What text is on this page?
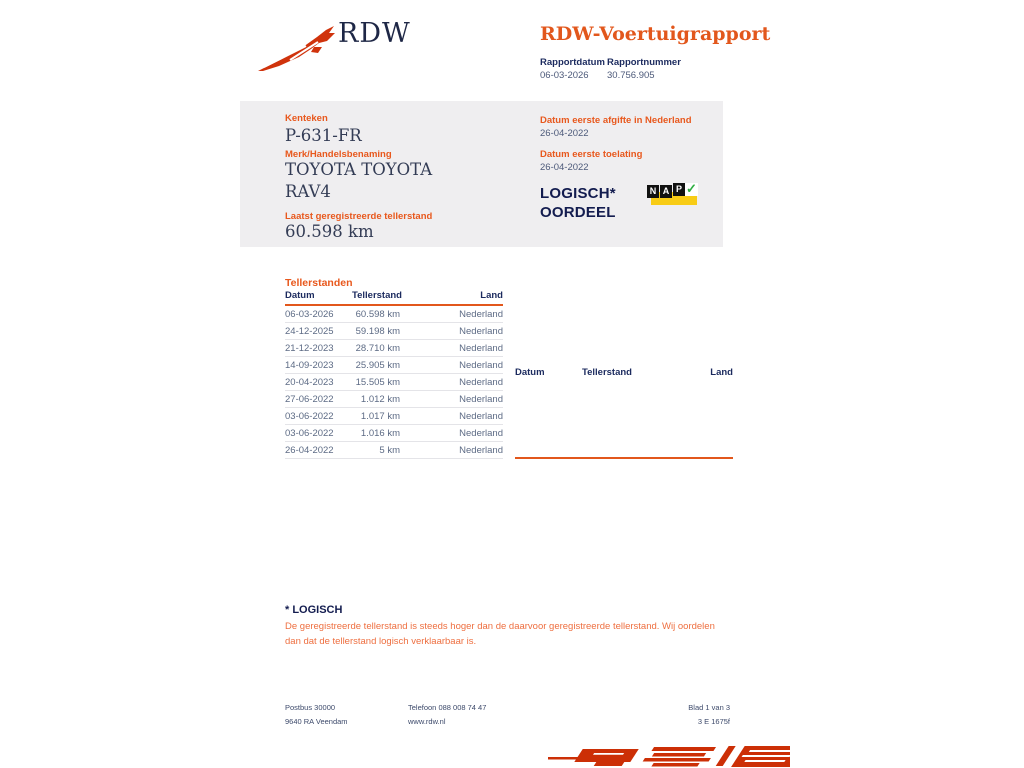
RDW	RDW-Voertuigrapport
Rapportdatum
06-03-2026
Rapportnummer
30.756.905
Kenteken
P-631-FR
Merk/Handelsbenaming
TOYOTA TOYOTA
RAV4
Laatst geregistreerde tellerstand
60.598 km
Datum eerste afgifte in Nederland
26-04-2022
Datum eerste toelating
26-04-2022
LOGISCH*
OORDEEL
N A P ✓
Tellerstanden
Datum	Tellerstand	Land
06-03-2026	60.598 km	Nederland
24-12-2025	59.198 km	Nederland
21-12-2023	28.710 km	Nederland
14-09-2023	25.905 km	Nederland
20-04-2023	15.505 km	Nederland
27-06-2022	1.012 km	Nederland
03-06-2022	1.017 km	Nederland
03-06-2022	1.016 km	Nederland
26-04-2022	5 km	Nederland
Datum	Tellerstand	Land
* LOGISCH
De geregistreerde tellerstand is steeds hoger dan de daarvoor geregistreerde tellerstand. Wij oordelen dan dat de tellerstand logisch verklaarbaar is.
Postbus 30000
9640 RA Veendam
Telefoon 088 008 74 47
www.rdw.nl
Blad 1 van 3
3 E 1675f
